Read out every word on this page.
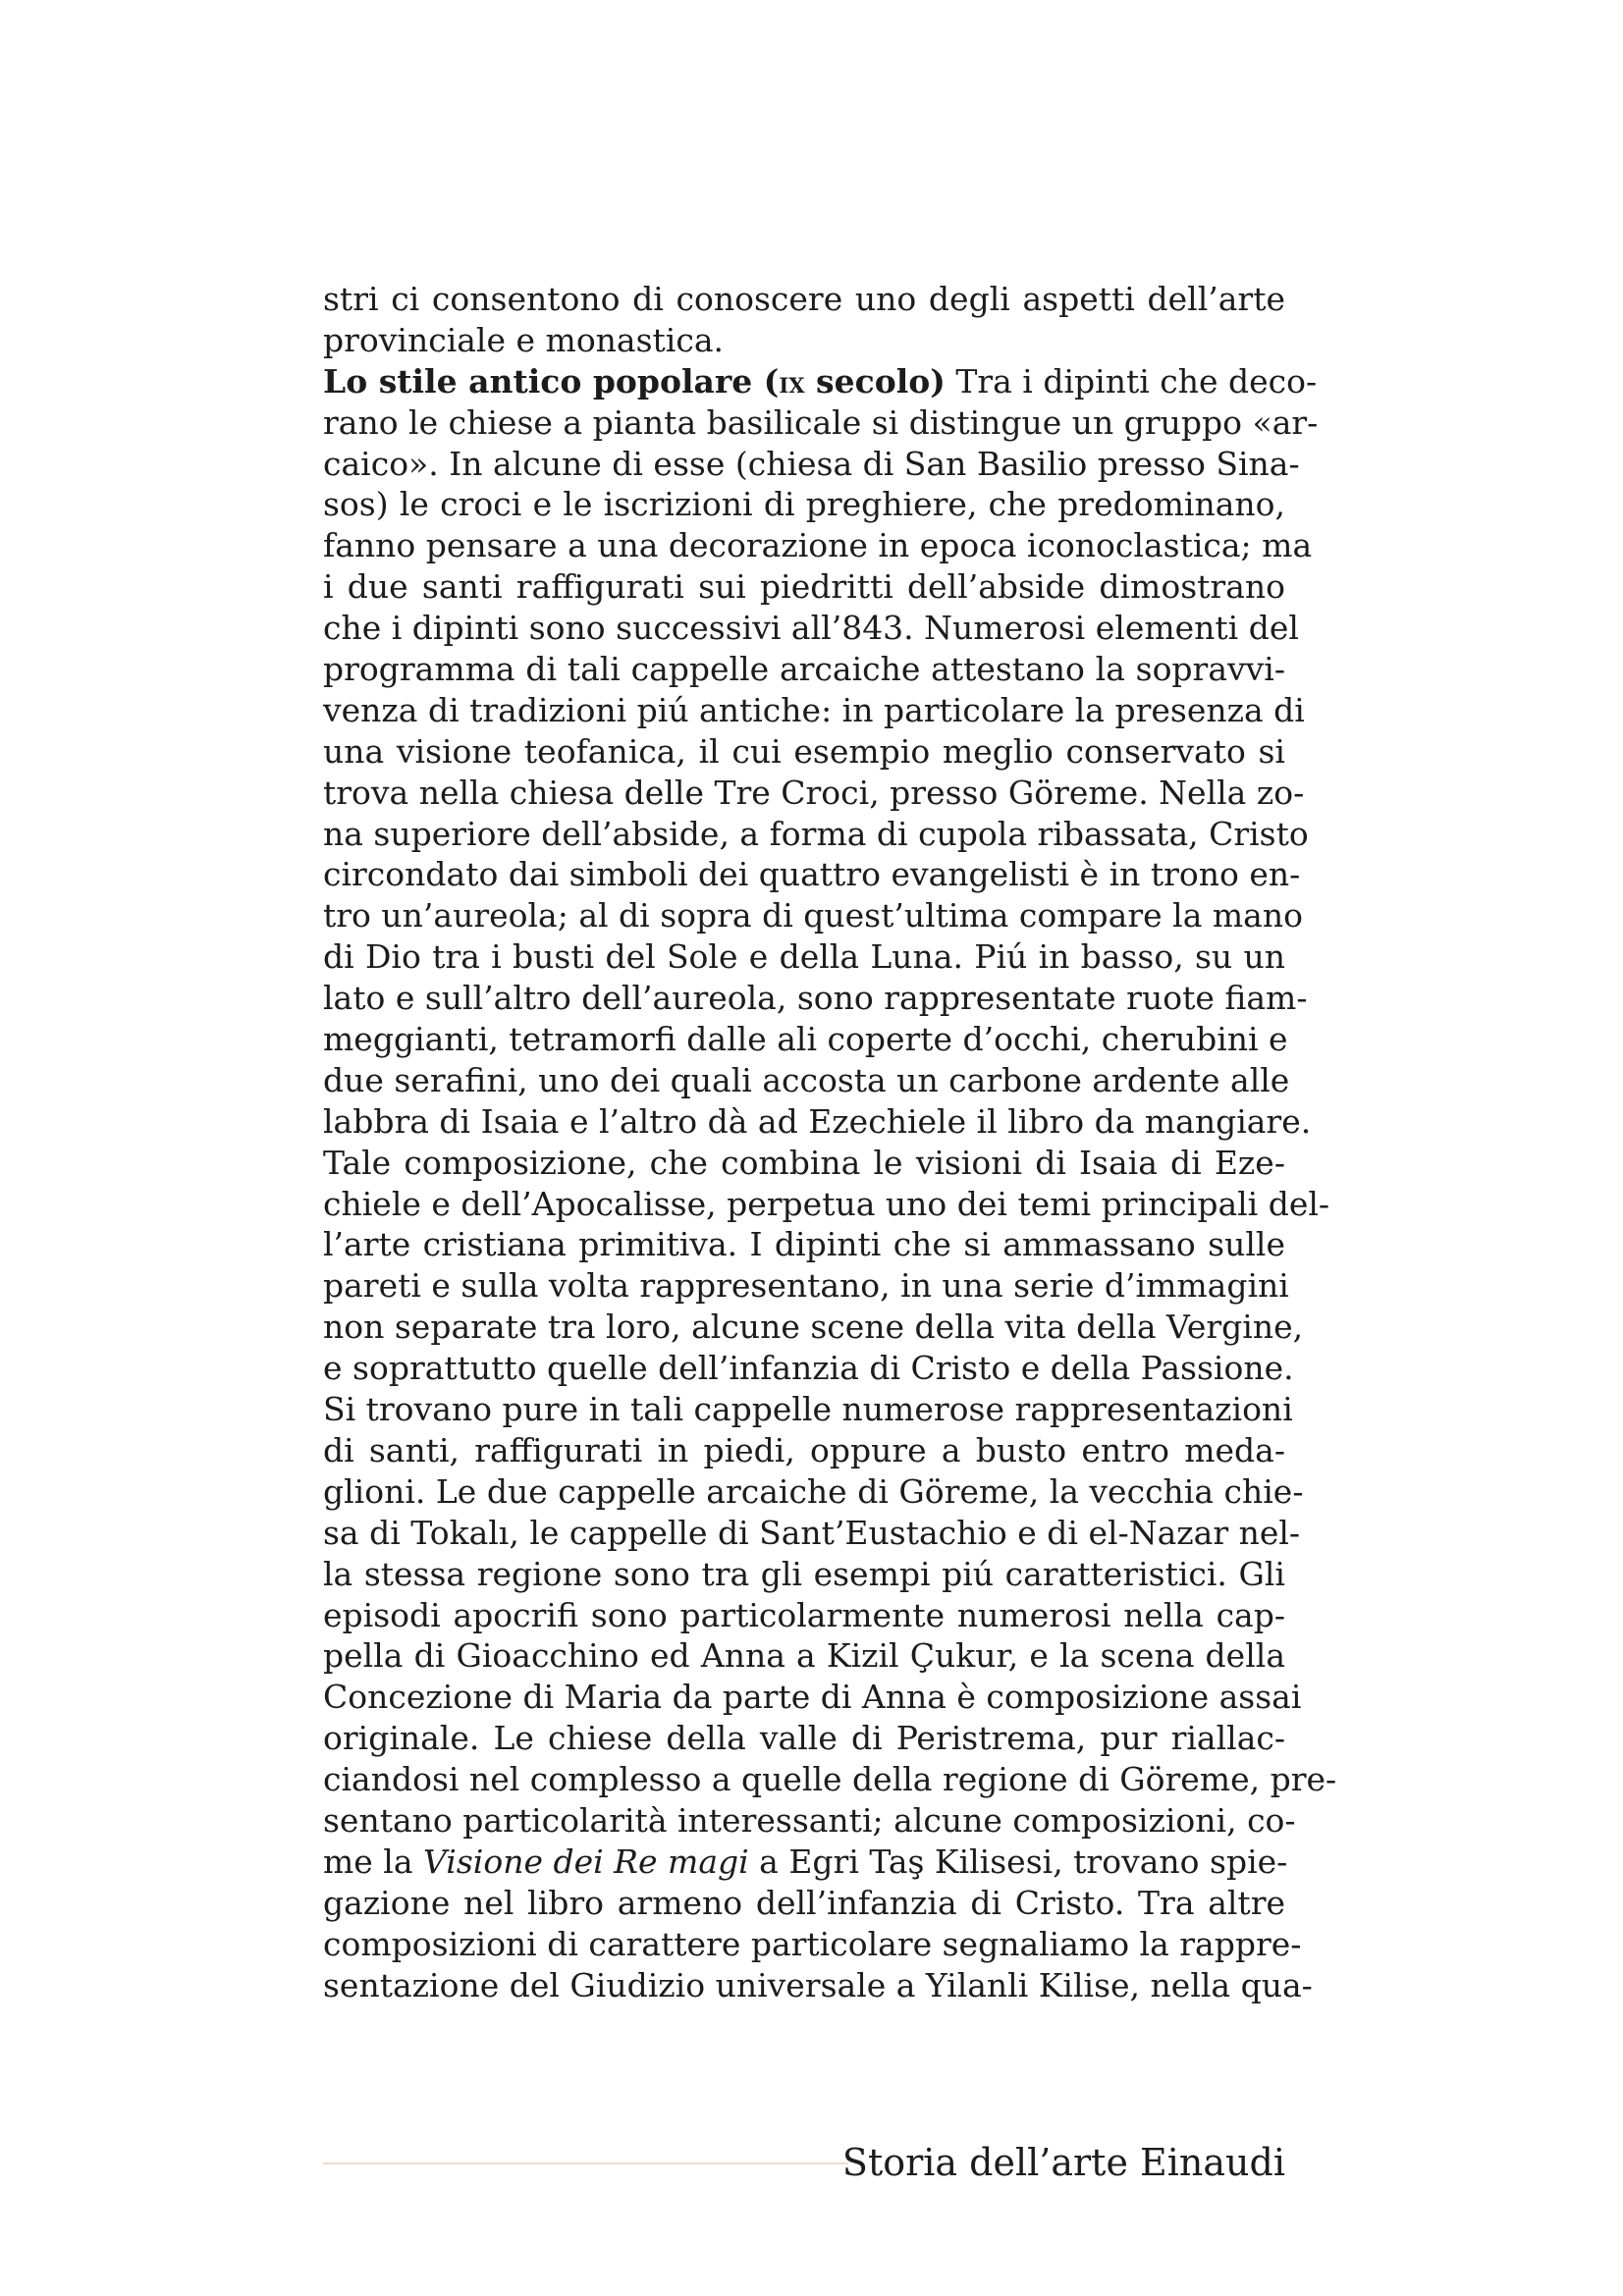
stri ci consentono di conoscere uno degli aspetti dell’arte
provinciale e monastica.
Lo stile antico popolare (ix secolo) Tra i dipinti che deco-
rano le chiese a pianta basilicale si distingue un gruppo «ar-
caico». In alcune di esse (chiesa di San Basilio presso Sina-
sos) le croci e le iscrizioni di preghiere, che predominano,
fanno pensare a una decorazione in epoca iconoclastica; ma
i due santi raffigurati sui piedritti dell’abside dimostrano
che i dipinti sono successivi all’843. Numerosi elementi del
programma di tali cappelle arcaiche attestano la sopravvi-
venza di tradizioni piú antiche: in particolare la presenza di
una visione teofanica, il cui esempio meglio conservato si
trova nella chiesa delle Tre Croci, presso Göreme. Nella zo-
na superiore dell’abside, a forma di cupola ribassata, Cristo
circondato dai simboli dei quattro evangelisti è in trono en-
tro un’aureola; al di sopra di quest’ultima compare la mano
di Dio tra i busti del Sole e della Luna. Piú in basso, su un
lato e sull’altro dell’aureola, sono rappresentate ruote fiam-
meggianti, tetramorfi dalle ali coperte d’occhi, cherubini e
due serafini, uno dei quali accosta un carbone ardente alle
labbra di Isaia e l’altro dà ad Ezechiele il libro da mangiare.
Tale composizione, che combina le visioni di Isaia di Eze-
chiele e dell’Apocalisse, perpetua uno dei temi principali del-
l’arte cristiana primitiva. I dipinti che si ammassano sulle
pareti e sulla volta rappresentano, in una serie d’immagini
non separate tra loro, alcune scene della vita della Vergine,
e soprattutto quelle dell’infanzia di Cristo e della Passione.
Si trovano pure in tali cappelle numerose rappresentazioni
di santi, raffigurati in piedi, oppure a busto entro meda-
glioni. Le due cappelle arcaiche di Göreme, la vecchia chie-
sa di Tokalı, le cappelle di Sant’Eustachio e di el-Nazar nel-
la stessa regione sono tra gli esempi piú caratteristici. Gli
episodi apocrifi sono particolarmente numerosi nella cap-
pella di Gioacchino ed Anna a Kizil Çukur, e la scena della
Concezione di Maria da parte di Anna è composizione assai
originale. Le chiese della valle di Peristrema, pur riallac-
ciandosi nel complesso a quelle della regione di Göreme, pre-
sentano particolarità interessanti; alcune composizioni, co-
me la Visione dei Re magi a Egri Taş Kilisesi, trovano spie-
gazione nel libro armeno dell’infanzia di Cristo. Tra altre
composizioni di carattere particolare segnaliamo la rappre-
sentazione del Giudizio universale a Yilanli Kilise, nella qua-
Storia dell’arte Einaudi
